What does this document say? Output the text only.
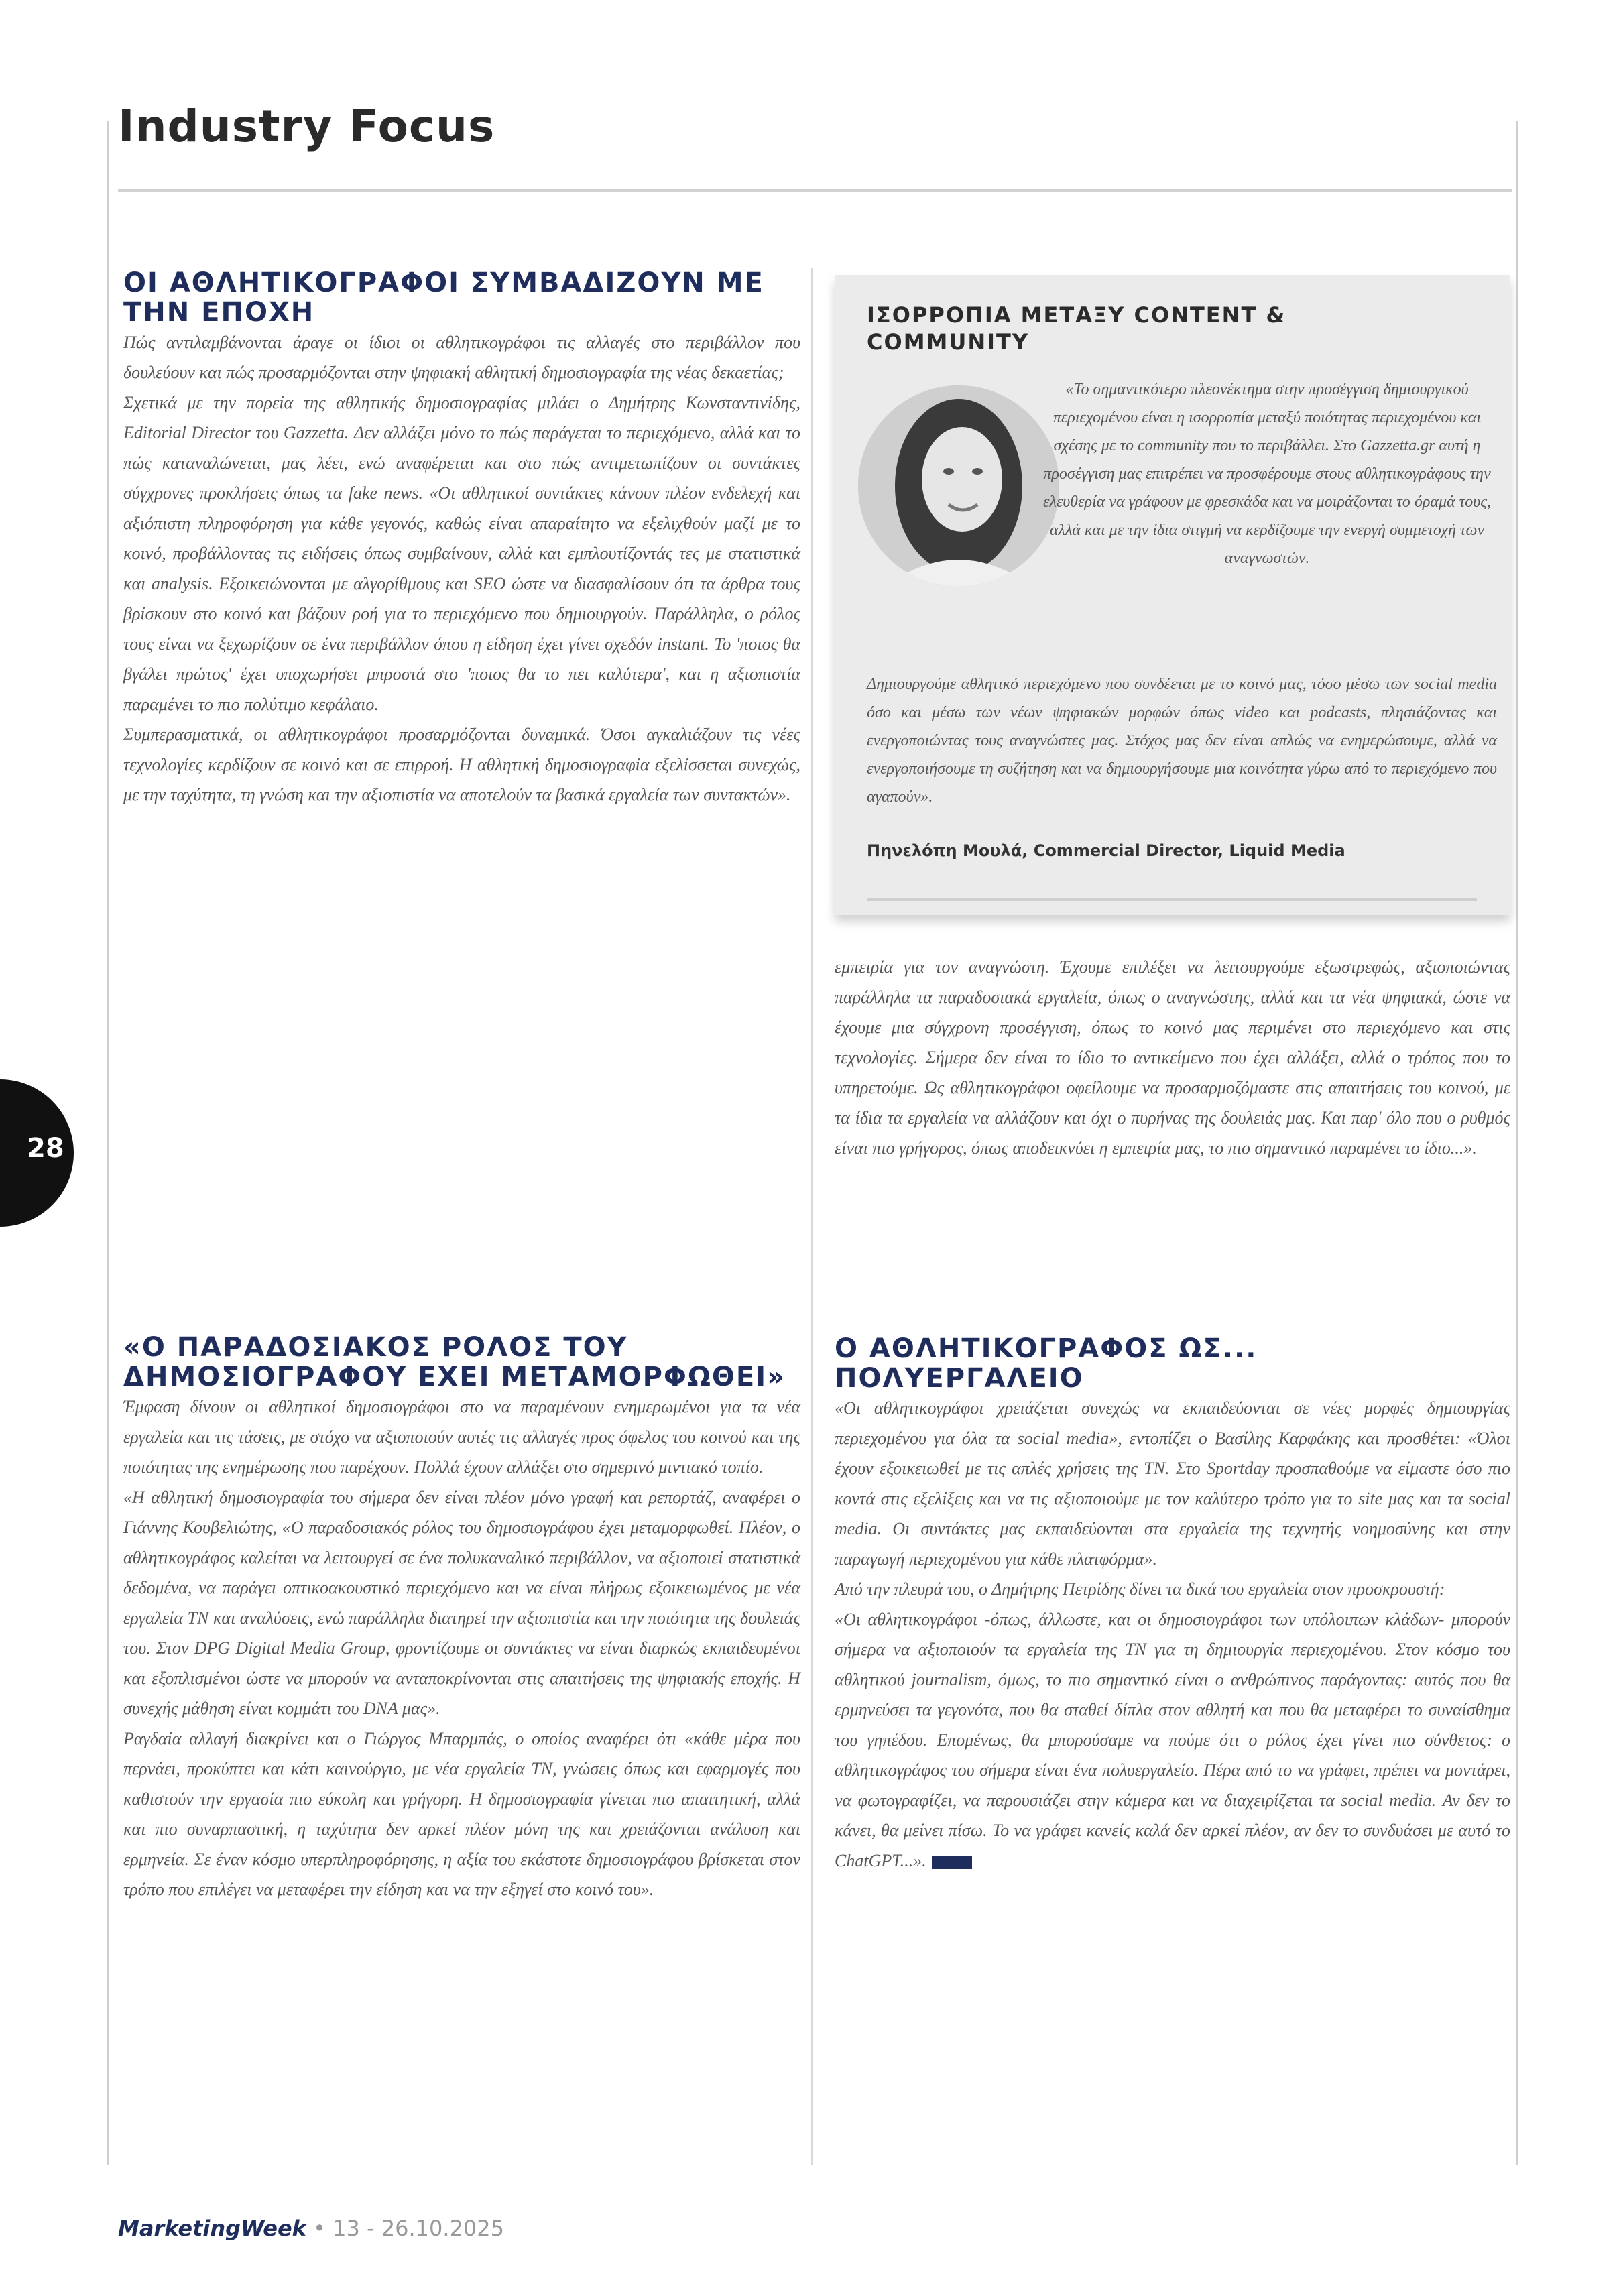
Industry Focus
ΟΙ ΑΘΛΗΤΙΚΟΓΡΑΦΟΙ ΣΥΜΒΑΔΙΖΟΥΝ ΜΕ ΤΗΝ ΕΠΟΧΗ

Πώς αντιλαμβάνονται άραγε οι ίδιοι οι αθλητικογράφοι τις αλλαγές στο περιβάλλον που δουλεύουν και πώς προσαρμόζονται στην ψηφιακή αθλητική δημοσιογραφία της νέας δεκαετίας;

Σχετικά με την πορεία της αθλητικής δημοσιογραφίας μιλάει ο Δημήτρης Κωνσταντινίδης, Editorial Director του Gazzetta. Δεν αλλάζει μόνο το πώς παράγεται το περιεχόμενο, αλλά και το πώς καταναλώνεται, μας λέει, ενώ αναφέρεται και στο πώς αντιμετωπίζουν οι συντάκτες σύγχρονες προκλήσεις όπως τα fake news. «Οι αθλητικοί συντάκτες κάνουν πλέον ενδελεχή και αξιόπιστη πληροφόρηση για κάθε γεγονός, καθώς είναι απαραίτητο να εξελιχθούν μαζί με το κοινό, προβάλλοντας τις ειδήσεις όπως συμβαίνουν, αλλά και εμπλουτίζοντάς τες με στατιστικά και analysis. Εξοικειώνονται με αλγορίθμους και SEO ώστε να διασφαλίσουν ότι τα άρθρα τους βρίσκουν στο κοινό και βάζουν ροή για το περιεχόμενο που δημιουργούν. Παράλληλα, ο ρόλος τους είναι να ξεχωρίζουν σε ένα περιβάλλον όπου η είδηση έχει γίνει σχεδόν instant. Το 'ποιος θα βγάλει πρώτος' έχει υποχωρήσει μπροστά στο 'ποιος θα το πει καλύτερα', και η αξιοπιστία παραμένει το πιο πολύτιμο κεφάλαιο.

Συμπερασματικά, οι αθλητικογράφοι προσαρμόζονται δυναμικά. Όσοι αγκαλιάζουν τις νέες τεχνολογίες κερδίζουν σε κοινό και σε επιρροή. Η αθλητική δημοσιογραφία εξελίσσεται συνεχώς, με την ταχύτητα, τη γνώση και την αξιοπιστία να αποτελούν τα βασικά εργαλεία των συντακτών».

«Ο ΠΑΡΑΔΟΣΙΑΚΟΣ ΡΟΛΟΣ ΤΟΥ ΔΗΜΟΣΙΟΓΡΑΦΟΥ ΕΧΕΙ ΜΕΤΑΜΟΡΦΩΘΕΙ»

Έμφαση δίνουν οι αθλητικοί δημοσιογράφοι στο να παραμένουν ενημερωμένοι για τα νέα εργαλεία και τις τάσεις, με στόχο να αξιοποιούν αυτές τις αλλαγές προς όφελος του κοινού και της ποιότητας της ενημέρωσης που παρέχουν. Πολλά έχουν αλλάξει στο σημερινό μιντιακό τοπίο.

«Η αθλητική δημοσιογραφία του σήμερα δεν είναι πλέον μόνο γραφή και ρεπορτάζ, αναφέρει ο Γιάννης Κουβελιώτης, «Ο παραδοσιακός ρόλος του δημοσιογράφου έχει μεταμορφωθεί. Πλέον, ο αθλητικογράφος καλείται να λειτουργεί σε ένα πολυκαναλικό περιβάλλον, να αξιοποιεί στατιστικά δεδομένα, να παράγει οπτικοακουστικό περιεχόμενο και να είναι πλήρως εξοικειωμένος με νέα εργαλεία ΤΝ και αναλύσεις, ενώ παράλληλα διατηρεί την αξιοπιστία και την ποιότητα της δουλειάς του. Στον DPG Digital Media Group, φροντίζουμε οι συντάκτες να είναι διαρκώς εκπαιδευμένοι και εξοπλισμένοι ώστε να μπορούν να ανταποκρίνονται στις απαιτήσεις της ψηφιακής εποχής. Η συνεχής μάθηση είναι κομμάτι του DNA μας».

Ραγδαία αλλαγή διακρίνει και ο Γιώργος Μπαρμπάς, ο οποίος αναφέρει ότι «κάθε μέρα που περνάει, προκύπτει και κάτι καινούργιο, με νέα εργαλεία ΤΝ, γνώσεις όπως και εφαρμογές που καθιστούν την εργασία πιο εύκολη και γρήγορη. Η δημοσιογραφία γίνεται πιο απαιτητική, αλλά και πιο συναρπαστική, η ταχύτητα δεν αρκεί πλέον μόνη της και χρειάζονται ανάλυση και ερμηνεία. Σε έναν κόσμο υπερπληροφόρησης, η αξία του εκάστοτε δημοσιογράφου βρίσκεται στον τρόπο που επιλέγει να μεταφέρει την είδηση και να την εξηγεί στο κοινό του».

ΙΣΟΡΡΟΠΙΑ ΜΕΤΑΞΥ CONTENT & COMMUNITY

«Το σημαντικότερο πλεονέκτημα στην προσέγγιση δημιουργικού περιεχομένου είναι η ισορροπία μεταξύ ποιότητας περιεχομένου και σχέσης με το community που το περιβάλλει. Στο Gazzetta.gr αυτή η προσέγγιση μας επιτρέπει να προσφέρουμε στους αθλητικογράφους την ελευθερία να γράφουν με φρεσκάδα και να μοιράζονται το όραμά τους, αλλά και με την ίδια στιγμή να κερδίζουμε την ενεργή συμμετοχή των αναγνωστών.

Δημιουργούμε αθλητικό περιεχόμενο που συνδέεται με το κοινό μας, τόσο μέσω των social media όσο και μέσω των νέων ψηφιακών μορφών όπως video και podcasts, πλησιάζοντας και ενεργοποιώντας τους αναγνώστες μας. Στόχος μας δεν είναι απλώς να ενημερώσουμε, αλλά να ενεργοποιήσουμε τη συζήτηση και να δημιουργήσουμε μια κοινότητα γύρω από το περιεχόμενο που αγαπούν».

Πηνελόπη Μουλά, Commercial Director, Liquid Media

εμπειρία για τον αναγνώστη. Έχουμε επιλέξει να λειτουργούμε εξωστρεφώς, αξιοποιώντας παράλληλα τα παραδοσιακά εργαλεία, όπως ο αναγνώστης, αλλά και τα νέα ψηφιακά, ώστε να έχουμε μια σύγχρονη προσέγγιση, όπως το κοινό μας περιμένει στο περιεχόμενο και στις τεχνολογίες. Σήμερα δεν είναι το ίδιο το αντικείμενο που έχει αλλάξει, αλλά ο τρόπος που το υπηρετούμε. Ως αθλητικογράφοι οφείλουμε να προσαρμοζόμαστε στις απαιτήσεις του κοινού, με τα ίδια τα εργαλεία να αλλάζουν και όχι ο πυρήνας της δουλειάς μας. Και παρ' όλο που ο ρυθμός είναι πιο γρήγορος, όπως αποδεικνύει η εμπειρία μας, το πιο σημαντικό παραμένει το ίδιο...».

Ο ΑΘΛΗΤΙΚΟΓΡΑΦΟΣ ΩΣ... ΠΟΛΥΕΡΓΑΛΕΙΟ

«Οι αθλητικογράφοι χρειάζεται συνεχώς να εκπαιδεύονται σε νέες μορφές δημιουργίας περιεχομένου για όλα τα social media», εντοπίζει ο Βασίλης Καρφάκης και προσθέτει: «Όλοι έχουν εξοικειωθεί με τις απλές χρήσεις της ΤΝ. Στο Sportday προσπαθούμε να είμαστε όσο πιο κοντά στις εξελίξεις και να τις αξιοποιούμε με τον καλύτερο τρόπο για το site μας και τα social media. Οι συντάκτες μας εκπαιδεύονται στα εργαλεία της τεχνητής νοημοσύνης και στην παραγωγή περιεχομένου για κάθε πλατφόρμα».

Από την πλευρά του, ο Δημήτρης Πετρίδης δίνει τα δικά του εργαλεία στον προσκρουστή:

«Οι αθλητικογράφοι -όπως, άλλωστε, και οι δημοσιογράφοι των υπόλοιπων κλάδων- μπορούν σήμερα να αξιοποιούν τα εργαλεία της ΤΝ για τη δημιουργία περιεχομένου. Στον κόσμο του αθλητικού journalism, όμως, το πιο σημαντικό είναι ο ανθρώπινος παράγοντας: αυτός που θα ερμηνεύσει τα γεγονότα, που θα σταθεί δίπλα στον αθλητή και που θα μεταφέρει το συναίσθημα του γηπέδου. Επομένως, θα μπορούσαμε να πούμε ότι ο ρόλος έχει γίνει πιο σύνθετος: ο αθλητικογράφος του σήμερα είναι ένα πολυεργαλείο. Πέρα από το να γράφει, πρέπει να μοντάρει, να φωτογραφίζει, να παρουσιάζει στην κάμερα και να διαχειρίζεται τα social media. Αν δεν το κάνει, θα μείνει πίσω. Το να γράφει κανείς καλά δεν αρκεί πλέον, αν δεν το συνδυάσει με αυτό το ChatGPT...».

28
MarketingWeek • 13 - 26.10.2025
